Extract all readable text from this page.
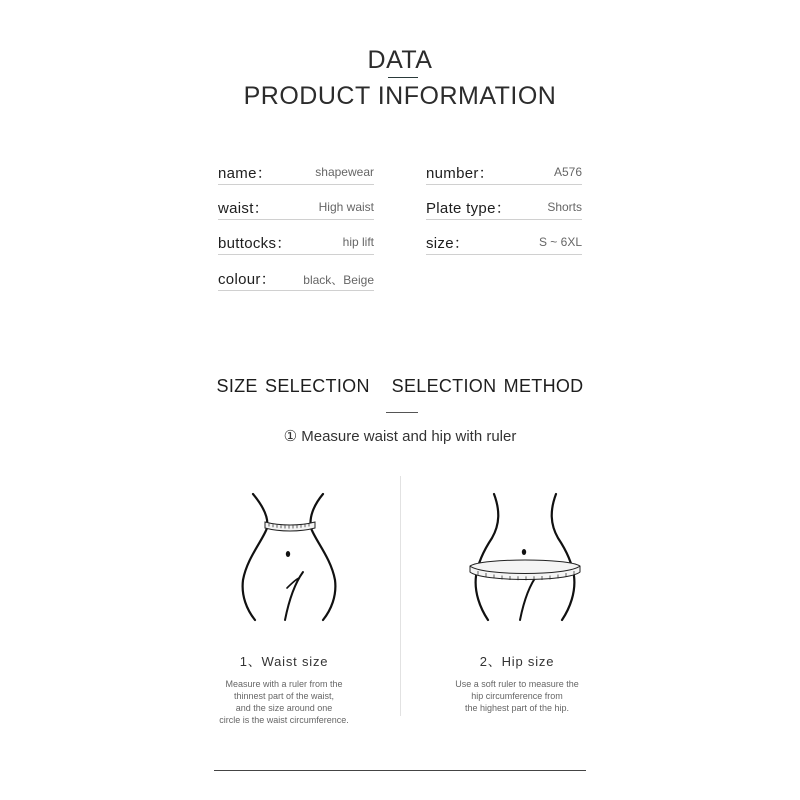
DATA
PRODUCT INFORMATION
name：	shapewear	number：	A576
waist：	High waist	Plate type：	Shorts
buttocks：	hip lift	size：	S ~ 6XL
colour： black、Beige
SIZE SELECTION   SELECTION METHOD
① Measure waist and hip with ruler
1、Waist size
Measure with a ruler from the
thinnest part of the waist,
and the size around one
circle is the waist circumference.
2、Hip size
Use a soft ruler to measure the
hip circumference from
the highest part of the hip.
